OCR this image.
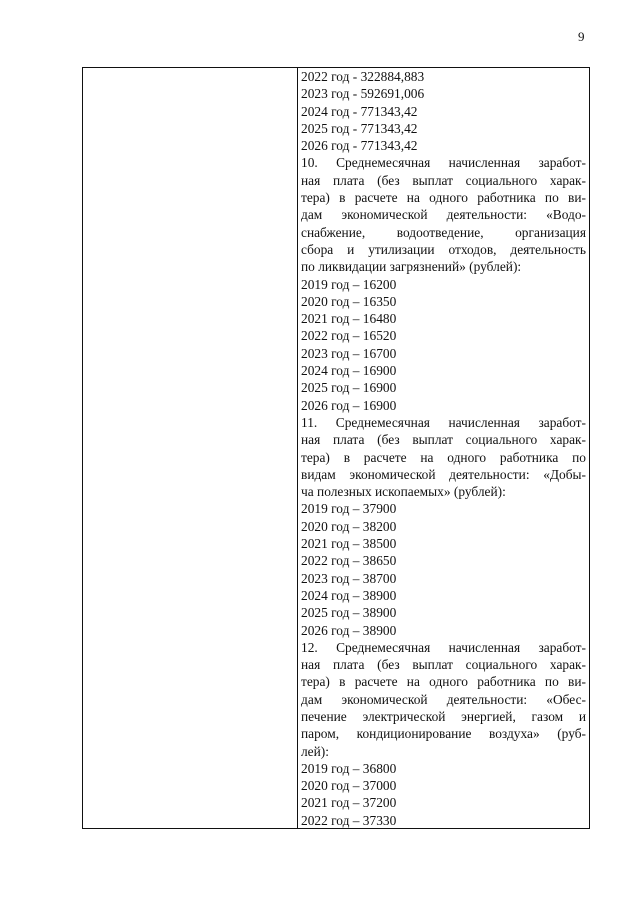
9
2022 год - 322884,883
2023 год - 592691,006
2024 год - 771343,42
2025 год - 771343,42
2026 год - 771343,42
10. Среднемесячная начисленная заработ-
ная плата (без выплат социального харак-
тера) в расчете на одного работника по ви-
дам экономической деятельности: «Водо-
снабжение, водоотведение, организация
сбора и утилизации отходов, деятельность
по ликвидации загрязнений» (рублей):
2019 год – 16200
2020 год – 16350
2021 год – 16480
2022 год – 16520
2023 год – 16700
2024 год – 16900
2025 год – 16900
2026 год – 16900
11. Среднемесячная начисленная заработ-
ная плата (без выплат социального харак-
тера) в расчете на одного работника по
видам экономической деятельности: «Добы-
ча полезных ископаемых» (рублей):
2019 год – 37900
2020 год – 38200
2021 год – 38500
2022 год – 38650
2023 год – 38700
2024 год – 38900
2025 год – 38900
2026 год – 38900
12. Среднемесячная начисленная заработ-
ная плата (без выплат социального харак-
тера) в расчете на одного работника по ви-
дам экономической деятельности: «Обес-
печение электрической энергией, газом и
паром, кондиционирование воздуха» (руб-
лей):
2019 год – 36800
2020 год – 37000
2021 год – 37200
2022 год – 37330
